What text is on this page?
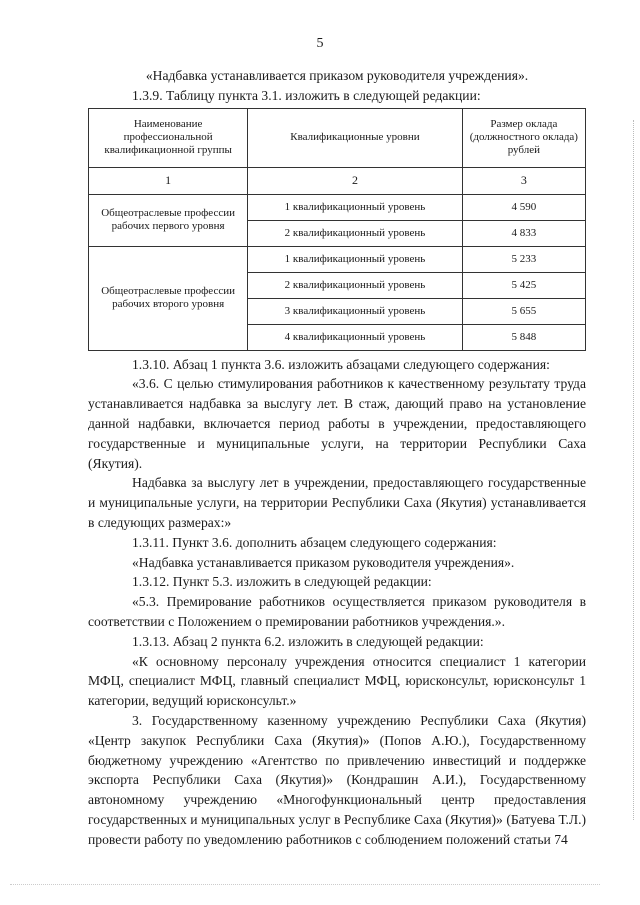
5

«Надбавка устанавливается приказом руководителя учреждения».

1.3.9. Таблицу пункта 3.1. изложить в следующей редакции:

Наименование профессиональной квалификационной группы	Квалификационные уровни	Размер оклада (должностного оклада) рублей
1	2	3
Общеотраслевые профессии рабочих первого уровня	1 квалификационный уровень	4 590
	2 квалификационный уровень	4 833
Общеотраслевые профессии рабочих второго уровня	1 квалификационный уровень	5 233
	2 квалификационный уровень	5 425
	3 квалификационный уровень	5 655
	4 квалификационный уровень	5 848

1.3.10. Абзац 1 пункта 3.6. изложить абзацами следующего содержания:

«3.6. С целью стимулирования работников к качественному результату труда устанавливается надбавка за выслугу лет. В стаж, дающий право на установление данной надбавки, включается период работы в учреждении, предоставляющего государственные и муниципальные услуги, на территории Республики Саха (Якутия).

Надбавка за выслугу лет в учреждении, предоставляющего государственные и муниципальные услуги, на территории Республики Саха (Якутия) устанавливается в следующих размерах:»

1.3.11. Пункт 3.6. дополнить абзацем следующего содержания:

«Надбавка устанавливается приказом руководителя учреждения».

1.3.12. Пункт 5.3. изложить в следующей редакции:

«5.3. Премирование работников осуществляется приказом руководителя в соответствии с Положением о премировании работников учреждения.».

1.3.13. Абзац 2 пункта 6.2. изложить в следующей редакции:

«К основному персоналу учреждения относится специалист 1 категории МФЦ, специалист МФЦ, главный специалист МФЦ, юрисконсульт, юрисконсульт 1 категории, ведущий юрисконсульт.»

3. Государственному казенному учреждению Республики Саха (Якутия) «Центр закупок Республики Саха (Якутия)» (Попов А.Ю.), Государственному бюджетному учреждению «Агентство по привлечению инвестиций и поддержке экспорта Республики Саха (Якутия)» (Кондрашин А.И.), Государственному автономному учреждению «Многофункциональный центр предоставления государственных и муниципальных услуг в Республике Саха (Якутия)» (Батуева Т.Л.) провести работу по уведомлению работников с соблюдением положений статьи 74
